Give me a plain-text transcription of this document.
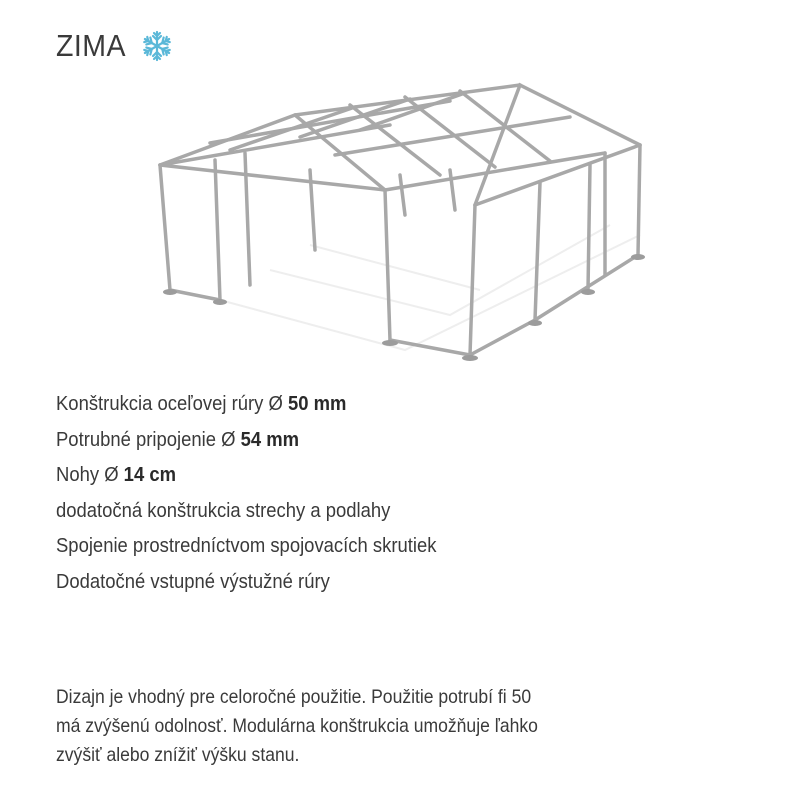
ZIMA
Konštrukcia oceľovej rúry Ø 50 mm
Potrubné pripojenie Ø 54 mm
Nohy Ø 14 cm
dodatočná konštrukcia strechy a podlahy
Spojenie prostredníctvom spojovacích skrutiek
Dodatočné vstupné výstužné rúry
Dizajn je vhodný pre celoročné použitie. Použitie potrubí fi 50
má zvýšenú odolnosť. Modulárna konštrukcia umožňuje ľahko
zvýšiť alebo znížiť výšku stanu.
